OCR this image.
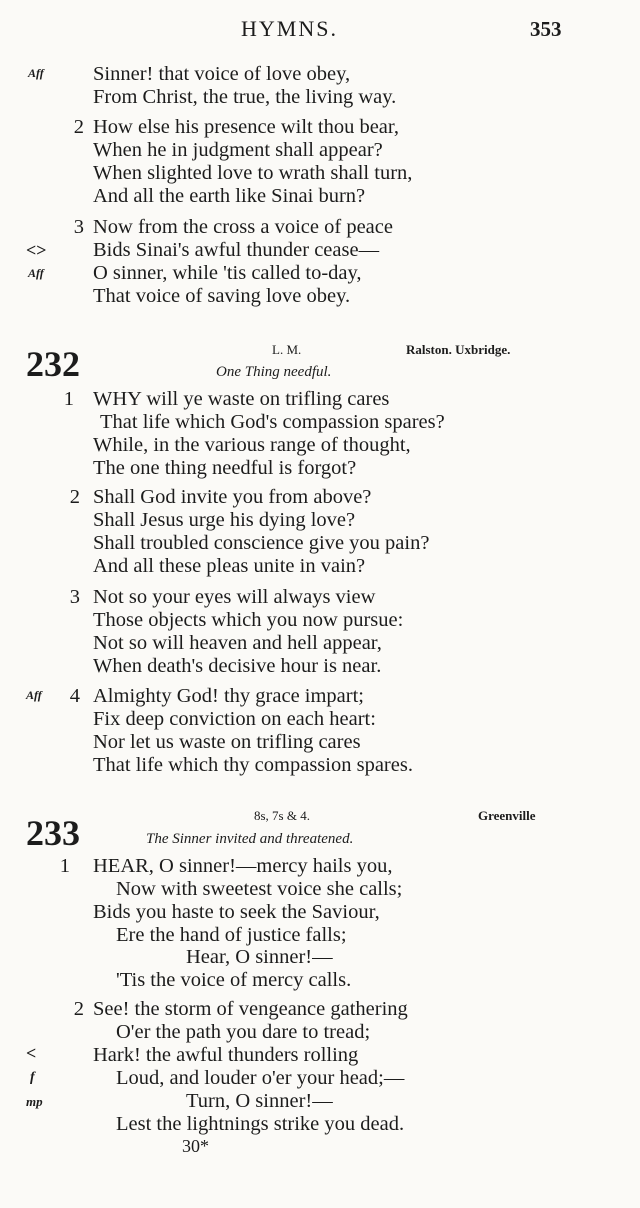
HYMNS.	353
Aff Sinner! that voice of love obey,
From Christ, the true, the living way.
2 How else his presence wilt thou bear,
When he in judgment shall appear?
When slighted love to wrath shall turn,
And all the earth like Sinai burn?
3 Now from the cross a voice of peace
<> Bids Sinai's awful thunder cease—
Aff O sinner, while 'tis called to-day,
That voice of saving love obey.
232	L. M.	Ralston. Uxbridge.
One Thing needful.
1 WHY will ye waste on trifling cares
That life which God's compassion spares?
While, in the various range of thought,
The one thing needful is forgot?
2 Shall God invite you from above?
Shall Jesus urge his dying love?
Shall troubled conscience give you pain?
And all these pleas unite in vain?
3 Not so your eyes will always view
Those objects which you now pursue:
Not so will heaven and hell appear,
When death's decisive hour is near.
Aff	4 Almighty God! thy grace impart;
Fix deep conviction on each heart:
Nor let us waste on trifling cares
That life which thy compassion spares.
8s, 7s & 4.	Greenville
233	The Sinner invited and threatened.
1 HEAR, O sinner!—mercy hails you,
Now with sweetest voice she calls;
Bids you haste to seek the Saviour,
Ere the hand of justice falls;
Hear, O sinner!—
'Tis the voice of mercy calls.
2 See! the storm of vengeance gathering
O'er the path you dare to tread;
<	Hark! the awful thunders rolling
f	Loud, and louder o'er your head;—
mp	Turn, O sinner!—
Lest the lightnings strike you dead.
30*
